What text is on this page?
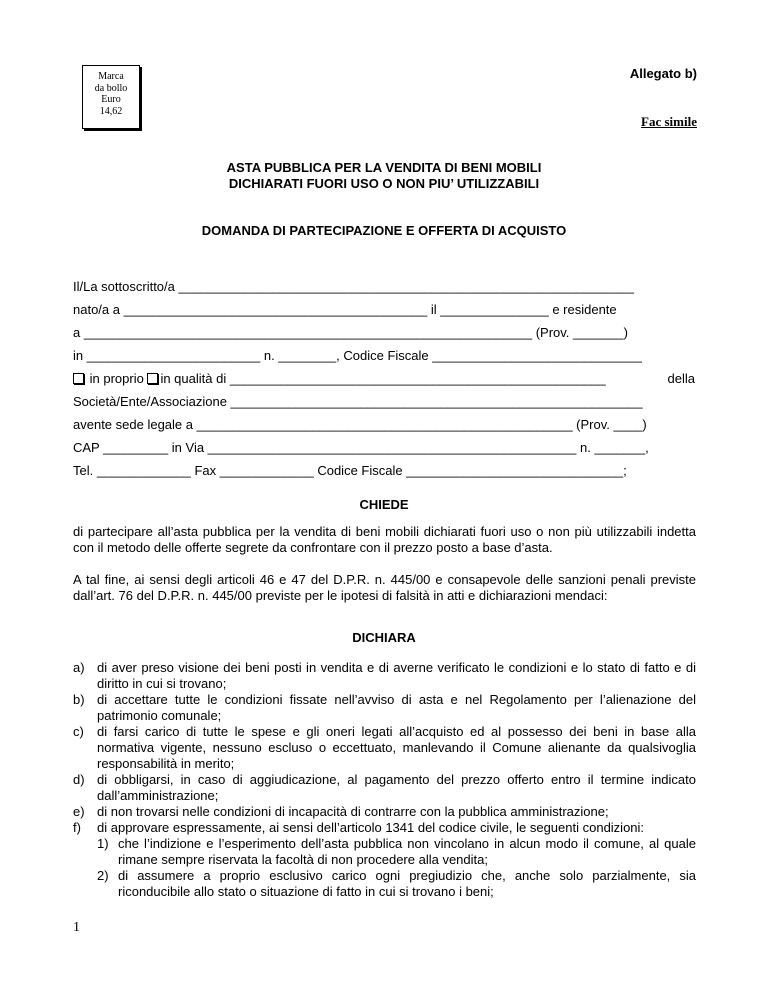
Marca
da bollo
Euro
14,62
Allegato b)
Fac simile
ASTA PUBBLICA PER LA VENDITA DI BENI MOBILI
DICHIARATI FUORI USO O NON PIU’ UTILIZZABILI
DOMANDA DI PARTECIPAZIONE E OFFERTA DI ACQUISTO
Il/La sottoscritto/a _______________________________________________________________
nato/a a __________________________________________ il _______________ e residente
a ______________________________________________________________ (Prov. _______)
in ________________________ n. ________, Codice Fiscale _____________________________
in proprio in qualità di ____________________________________________________	della
Società/Ente/Associazione _________________________________________________________
avente sede legale a ____________________________________________________ (Prov. ____)
CAP _________ in Via ___________________________________________________ n. _______,
Tel. _____________ Fax _____________ Codice Fiscale ______________________________;
CHIEDE
di partecipare all’asta pubblica per la vendita di beni mobili dichiarati fuori uso o non più utilizzabili indetta con il metodo delle offerte segrete da confrontare con il prezzo posto a base d’asta.
A tal fine, ai sensi degli articoli 46 e 47 del D.P.R. n. 445/00 e consapevole delle sanzioni penali previste dall’art. 76 del D.P.R. n. 445/00 previste per le ipotesi di falsità in atti e dichiarazioni mendaci:
DICHIARA
a) di aver preso visione dei beni posti in vendita e di averne verificato le condizioni e lo stato di fatto e di diritto in cui si trovano;
b) di accettare tutte le condizioni fissate nell’avviso di asta e nel Regolamento per l’alienazione del patrimonio comunale;
c) di farsi carico di tutte le spese e gli oneri legati all’acquisto ed al possesso dei beni in base alla normativa vigente, nessuno escluso o eccettuato, manlevando il Comune alienante da qualsivoglia responsabilità in merito;
d) di obbligarsi, in caso di aggiudicazione, al pagamento del prezzo offerto entro il termine indicato dall’amministrazione;
e) di non trovarsi nelle condizioni di incapacità di contrarre con la pubblica amministrazione;
f) di approvare espressamente, ai sensi dell’articolo 1341 del codice civile, le seguenti condizioni:
1) che l’indizione e l’esperimento dell’asta pubblica non vincolano in alcun modo il comune, al quale rimane sempre riservata la facoltà di non procedere alla vendita;
2) di assumere a proprio esclusivo carico ogni pregiudizio che, anche solo parzialmente, sia riconducibile allo stato o situazione di fatto in cui si trovano i beni;
1
